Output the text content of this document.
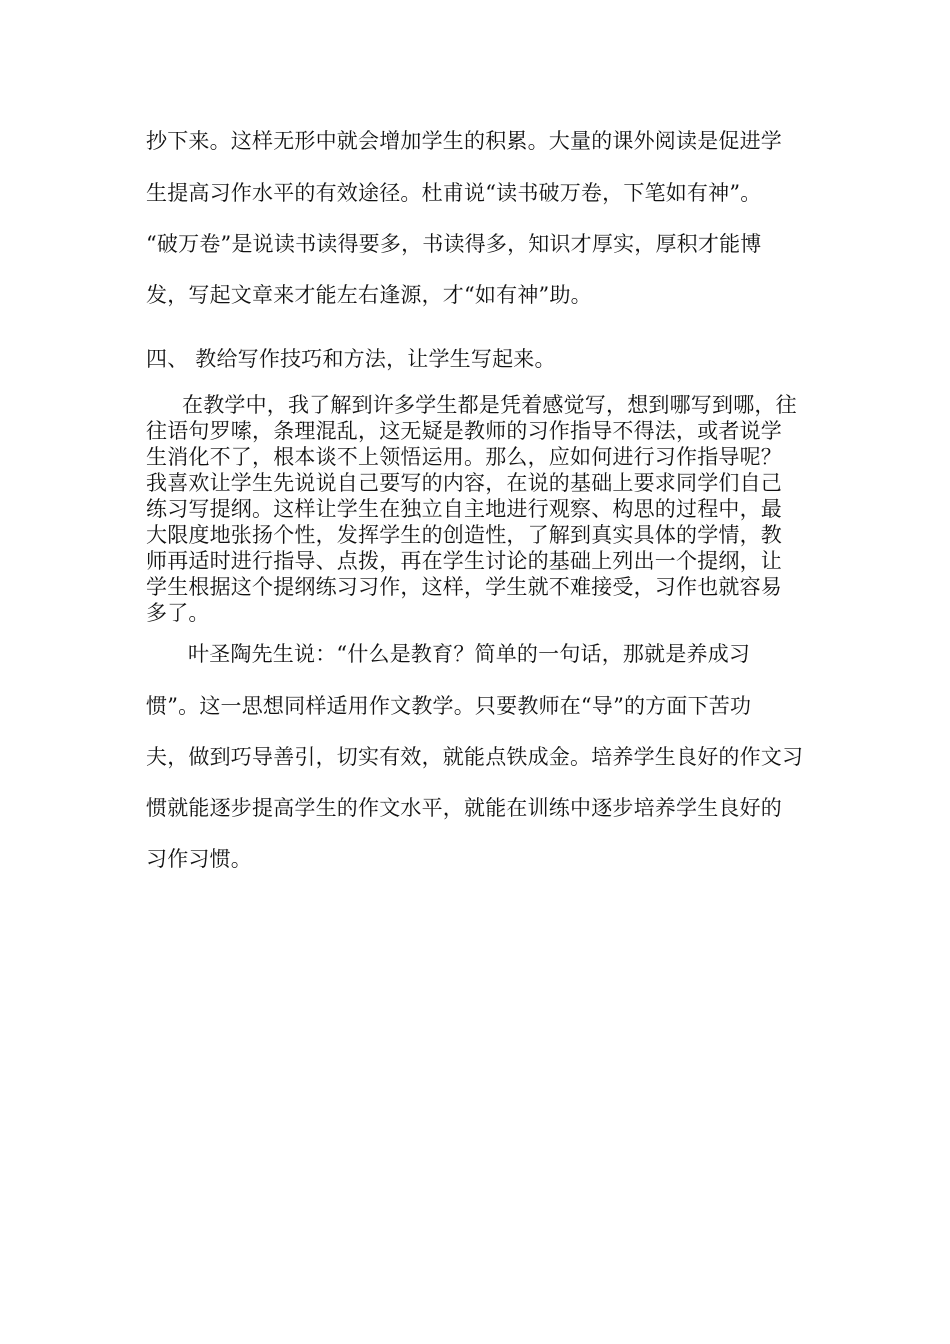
抄下来。这样无形中就会增加学生的积累。大量的课外阅读是促进学
生提高习作水平的有效途径。杜甫说“读书破万卷，下笔如有神”。
“破万卷”是说读书读得要多，书读得多，知识才厚实，厚积才能博
发，写起文章来才能左右逢源，才“如有神”助。
四、 教给写作技巧和方法，让学生写起来。
在教学中，我了解到许多学生都是凭着感觉写，想到哪写到哪，往
往语句罗嗦，条理混乱，这无疑是教师的习作指导不得法，或者说学
生消化不了，根本谈不上领悟运用。那么，应如何进行习作指导呢？
我喜欢让学生先说说自己要写的内容，在说的基础上要求同学们自己
练习写提纲。这样让学生在独立自主地进行观察、构思的过程中，最
大限度地张扬个性，发挥学生的创造性，了解到真实具体的学情，教
师再适时进行指导、点拨，再在学生讨论的基础上列出一个提纲，让
学生根据这个提纲练习习作，这样，学生就不难接受，习作也就容易
多了。
叶圣陶先生说：“什么是教育？简单的一句话，那就是养成习
惯”。这一思想同样适用作文教学。只要教师在“导”的方面下苦功
夫，做到巧导善引，切实有效，就能点铁成金。培养学生良好的作文习
惯就能逐步提高学生的作文水平，就能在训练中逐步培养学生良好的
习作习惯。
